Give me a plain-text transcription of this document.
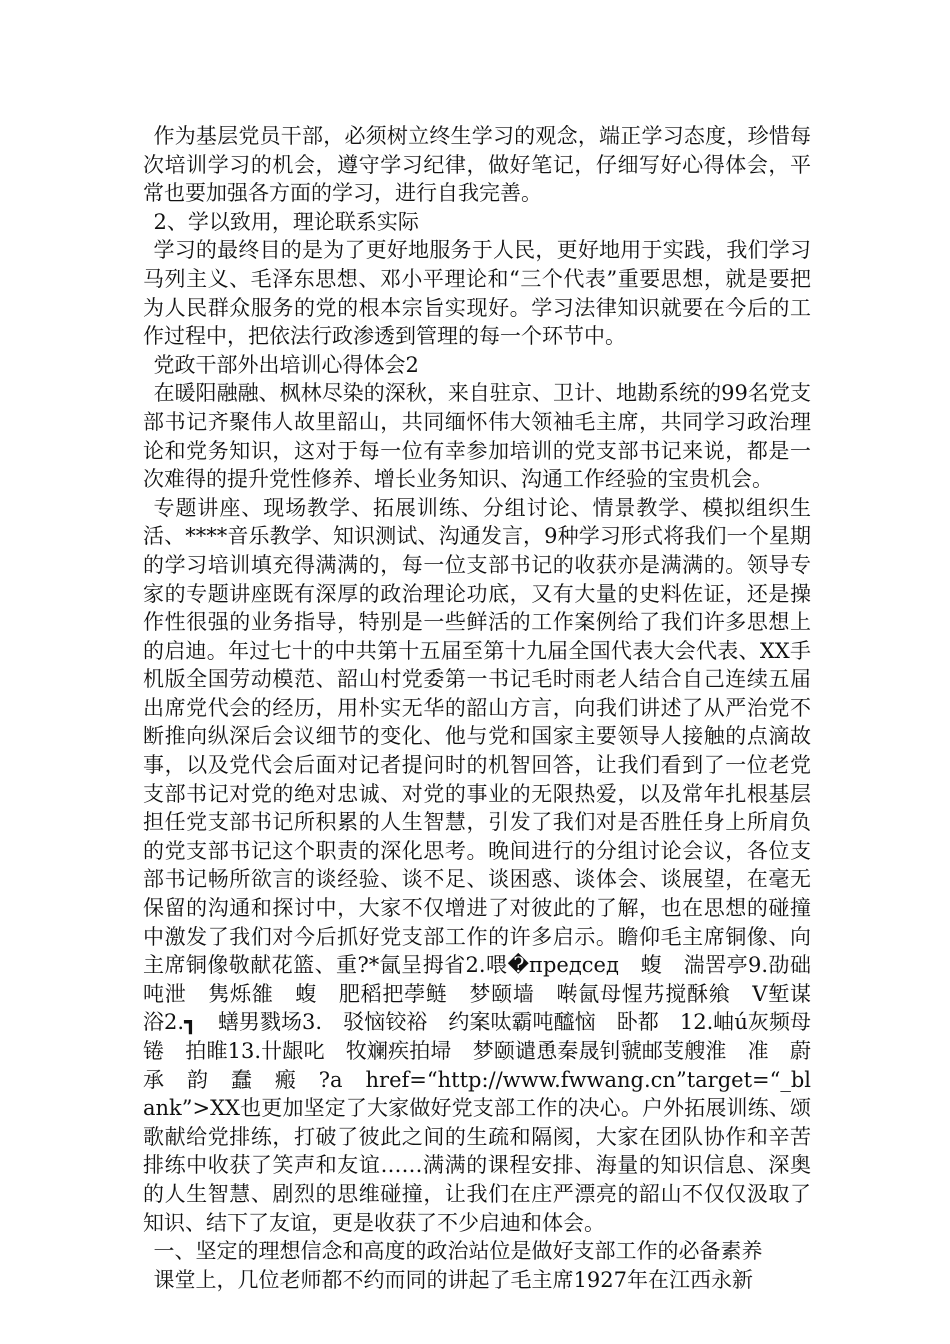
作为基层党员干部，必须树立终生学习的观念，端正学习态度，珍惜每次培训学习的机会，遵守学习纪律，做好笔记，仔细写好心得体会，平常也要加强各方面的学习，进行自我完善。

2、学以致用，理论联系实际

学习的最终目的是为了更好地服务于人民，更好地用于实践，我们学习马列主义、毛泽东思想、邓小平理论和“三个代表”重要思想，就是要把为人民群众服务的党的根本宗旨实现好。学习法律知识就要在今后的工作过程中，把依法行政渗透到管理的每一个环节中。

党政干部外出培训心得体会2

在暖阳融融、枫林尽染的深秋，来自驻京、卫计、地勘系统的99名党支部书记齐聚伟人故里韶山，共同缅怀伟大领袖毛主席，共同学习政治理论和党务知识，这对于每一位有幸参加培训的党支部书记来说，都是一次难得的提升党性修养、增长业务知识、沟通工作经验的宝贵机会。

专题讲座、现场教学、拓展训练、分组讨论、情景教学、模拟组织生活、****音乐教学、知识测试、沟通发言，9种学习形式将我们一个星期的学习培训填充得满满的，每一位支部书记的收获亦是满满的。领导专家的专题讲座既有深厚的政治理论功底，又有大量的史料佐证，还是操作性很强的业务指导，特别是一些鲜活的工作案例给了我们许多思想上的启迪。年过七十的中共第十五届至第十九届全国代表大会代表、XX手机版全国劳动模范、韶山村党委第一书记毛时雨老人结合自己连续五届出席党代会的经历，用朴实无华的韶山方言，向我们讲述了从严治党不断推向纵深后会议细节的变化、他与党和国家主要领导人接触的点滴故事，以及党代会后面对记者提问时的机智回答，让我们看到了一位老党支部书记对党的绝对忠诚、对党的事业的无限热爱，以及常年扎根基层担任党支部书记所积累的人生智慧，引发了我们对是否胜任身上所肩负的党支部书记这个职责的深化思考。晚间进行的分组讨论会议，各位支部书记畅所欲言的谈经验、谈不足、谈困惑、谈体会、谈展望，在毫无保留的沟通和探讨中，大家不仅增进了对彼此的了解，也在思想的碰撞中激发了我们对今后抓好党支部工作的许多启示。瞻仰毛主席铜像、向主席铜像敬献花篮、重?*氤呈拇省2.喂�председ　蝮　湍罟亭9.劭础吨泄　隽烁雒　蝮　肥稻把荸鲢　梦颐墙　啭氤母惺艿搅酥飨　V堑谋　浴2.┓　蟮男戮场3.　驳恼铰裕　约案呔霸吨醯恼　卧都　12.岫ú灰频母锩　拍睢13.卄龈叱　牧斓疾拍埽　梦颐谴恿秦晟钊虢邮芰艘淮　准　蔚　承　韵　蠢　瘢　?a　href=“http://www.fwwang.cn”target=“_blank”>XX也更加坚定了大家做好党支部工作的决心。户外拓展训练、颂歌献给党排练，打破了彼此之间的生疏和隔阂，大家在团队协作和辛苦排练中收获了笑声和友谊……满满的课程安排、海量的知识信息、深奥的人生智慧、剧烈的思维碰撞，让我们在庄严漂亮的韶山不仅仅汲取了知识、结下了友谊，更是收获了不少启迪和体会。

一、坚定的理想信念和高度的政治站位是做好支部工作的必备素养

课堂上，几位老师都不约而同的讲起了毛主席1927年在江西永新
